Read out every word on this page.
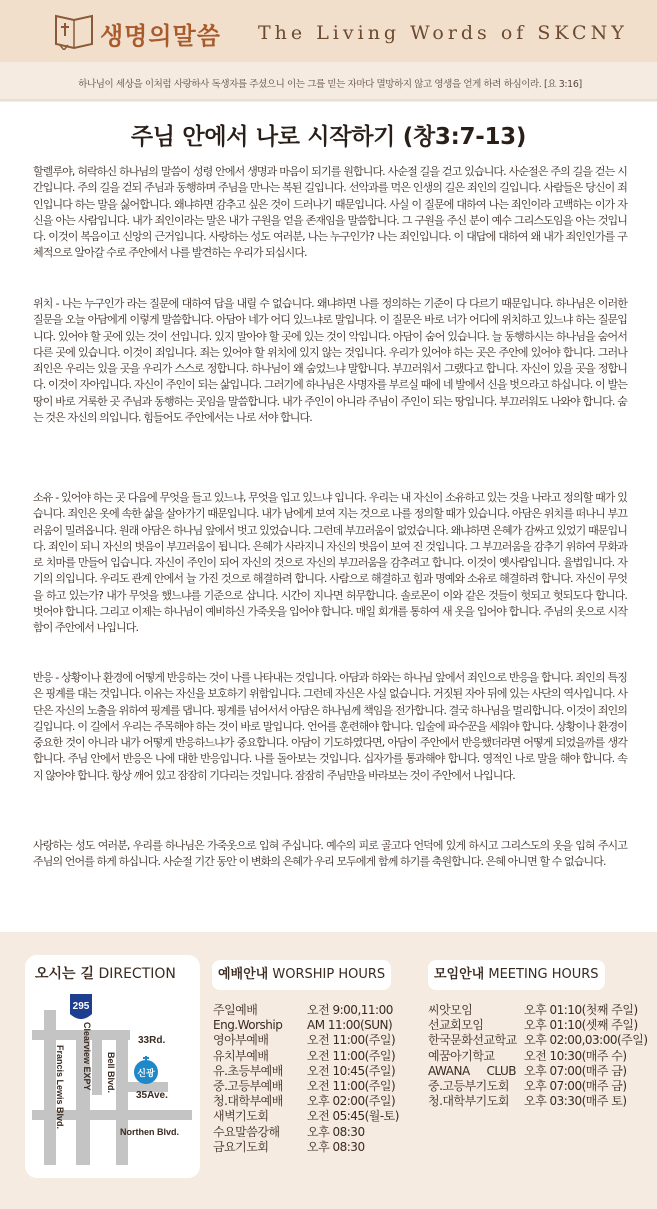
생명의말씀 The Living Words of SKCNY
하나님이 세상을 이처럼 사랑하사 독생자를 주셨으니 이는 그를 믿는 자마다 멸망하지 않고 영생을 얻게 하려 하심이라. [요 3:16]
주님 안에서 나로 시작하기 (창3:7-13)

할렐루야, 허락하신 하나님의 말씀이 성령 안에서 생명과 마음이 되기를 원합니다. 사순절 길을 걷고 있습니다. 사순절은 주의 길을 걷는 시간입니다. 주의 길을 걷되 주님과 동행하며 주님을 만나는 복된 길입니다. 선악과를 먹은 인생의 길은 죄인의 길입니다. 사람들은 당신이 죄인입니다 하는 말을 싫어합니다. 왜냐하면 감추고 싶은 것이 드러나기 때문입니다. 사실 이 질문에 대하여 나는 죄인이라 고백하는 이가 자신을 아는 사람입니다. 내가 죄인이라는 말은 내가 구원을 얻을 존재임을 말씀합니다. 그 구원을 주신 분이 예수 그리스도임을 아는 것입니다. 이것이 복음이고 신앙의 근거입니다. 사랑하는 성도 여러분, 나는 누구인가? 나는 죄인입니다. 이 대답에 대하여 왜 내가 죄인인가를 구체적으로 알아갈 수로 주안에서 나를 발견하는 우리가 되십시다.

위치 - 나는 누구인가 라는 질문에 대하여 답을 내릴 수 없습니다. 왜냐하면 나를 정의하는 기준이 다 다르기 때문입니다. 하나님은 이러한 질문을 오늘 아담에게 이렇게 말씀합니다. 아담아 네가 어디 있느냐로 말입니다. 이 질문은 바로 너가 어디에 위치하고 있느냐 하는 질문입니다. 있어야 할 곳에 있는 것이 선입니다. 있지 말아야 할 곳에 있는 것이 악입니다. 아담이 숨어 있습니다. 늘 동행하시는 하나님을 숨어서 다른 곳에 있습니다. 이것이 죄입니다. 죄는 있어야 할 위치에 있지 않는 것입니다. 우리가 있어야 하는 곳은 주안에 있어야 합니다. 그러나 죄인은 우리는 있을 곳을 우리가 스스로 정합니다. 하나님이 왜 숨었느냐 말합니다. 부끄러워서 그랬다고 합니다. 자신이 있을 곳을 정합니다. 이것이 자아입니다. 자신이 주인이 되는 삶입니다. 그러기에 하나님은 사명자를 부르실 때에 네 발에서 신을 벗으라고 하십니다. 이 발는 땅이 바로 거룩한 곳 주님과 동행하는 곳임을 말씀합니다. 내가 주인이 아니라 주님이 주인이 되는 땅입니다. 부끄러워도 나와야 합니다. 숨는 것은 자신의 의입니다. 힘들어도 주안에서는 나로 서야 합니다.

소유 - 있어야 하는 곳 다음에 무엇을 들고 있느냐, 무엇을 입고 있느냐 입니다. 우리는 내 자신이 소유하고 있는 것을 나라고 정의할 때가 있습니다. 죄인은 옷에 속한 삶을 살아가기 때문입니다. 내가 남에게 보여 지는 것으로 나를 정의할 때가 있습니다. 아담은 위치를 떠나니 부끄러움이 밀려옵니다. 원래 아담은 하나님 앞에서 벗고 있었습니다. 그런데 부끄러움이 없었습니다. 왜냐하면 은혜가 감싸고 있었기 때문입니다. 죄인이 되니 자신의 벗음이 부끄러움이 됩니다. 은혜가 사라지니 자신의 벗음이 보여 진 것입니다. 그 부끄러움을 감추기 위하여 무화과로 치마를 만들어 입습니다. 자신이 주인이 되어 자신의 것으로 자신의 부끄러움을 감추려고 합니다. 이것이 옛사람입니다. 율법입니다. 자기의 의입니다. 우리도 관계 안에서 늘 가진 것으로 해결하려 합니다. 사람으로 해결하고 힘과 명예와 소유로 해결하려 합니다. 자신이 무엇을 하고 있는가? 내가 무엇을 했느냐를 기준으로 삽니다. 시간이 지나면 허무합니다. 솔로몬이 이와 같은 것들이 헛되고 헛되도다 합니다. 벗어야 합니다. 그리고 이제는 하나님이 예비하신 가죽옷을 입어야 합니다. 매일 회개를 통하여 새 옷을 입어야 합니다. 주님의 옷으로 시작함이 주안에서 나입니다.

반응 - 상황이나 환경에 어떻게 반응하는 것이 나를 나타내는 것입니다. 아담과 하와는 하나님 앞에서 죄인으로 반응을 합니다. 죄인의 특징은 핑계를 대는 것입니다. 이유는 자신을 보호하기 위함입니다. 그런데 자신은 사실 없습니다. 거짓된 자아 뒤에 있는 사단의 역사입니다. 사단은 자신의 노출을 위하여 핑계를 댑니다. 핑계를 넘어서서 아담은 하나님께 책임을 전가합니다. 결국 하나님을 멀리합니다. 이것이 죄인의 길입니다. 이 길에서 우리는 주목해야 하는 것이 바로 말입니다. 언어를 훈련해야 합니다. 입술에 파수꾼을 세워야 합니다. 상황이나 환경이 중요한 것이 아니라 내가 어떻게 반응하느냐가 중요합니다. 아담이 기도하였다면, 아담이 주안에서 반응했더라면 어떻게 되었을까를 생각합니다. 주님 안에서 반응은 나에 대한 반응입니다. 나를 돌아보는 것입니다. 십자가를 통과해야 합니다. 영적인 나로 말을 해야 합니다. 속지 않아야 합니다. 항상 깨어 있고 잠잠히 기다리는 것입니다. 잠잠히 주님만을 바라보는 것이 주안에서 나입니다.

사랑하는 성도 여러분, 우리를 하나님은 가죽옷으로 입혀 주십니다. 예수의 피로 골고다 언덕에 있게 하시고 그리스도의 옷을 입혀 주시고 주님의 언어를 하게 하십니다. 사순절 기간 동안 이 변화의 은혜가 우리 모두에게 함께 하기를 축원합니다. 은혜 아니면 할 수 없습니다.

오시는 길 DIRECTION
295
33Rd.
35Ave.
Northen Blvd.
Clearview EXPY
Francis Lewis Blvd.	Bell Blvd. 신광
예배안내 WORSHIP HOURS
주일예배	오전 9:00,11:00
Eng.Worship	AM 11:00(SUN)
영아부예배	오전 11:00(주일)
유치부예배	오전 11:00(주일)
유.초등부예배	오전 10:45(주일)
중.고등부예배	오전 11:00(주일)
청.대학부예배	오후 02:00(주일)
새벽기도회	오전 05:45(월-토)
수요말씀강해	오후 08:30
금요기도회	오후 08:30
모임안내 MEETING HOURS
씨앗모임	오후 01:10(첫째 주일)
선교회모임	오후 01:10(셋째 주일)
한국문화선교학교 오후 02:00,03:00(주일)
예꿈아기학교	오전 10:30(매주 수)
AWANA CLUB 오후 07:00(매주 금)
중.고등부기도회	오후 07:00(매주 금)
청.대학부기도회	오후 03:30(매주 토)
